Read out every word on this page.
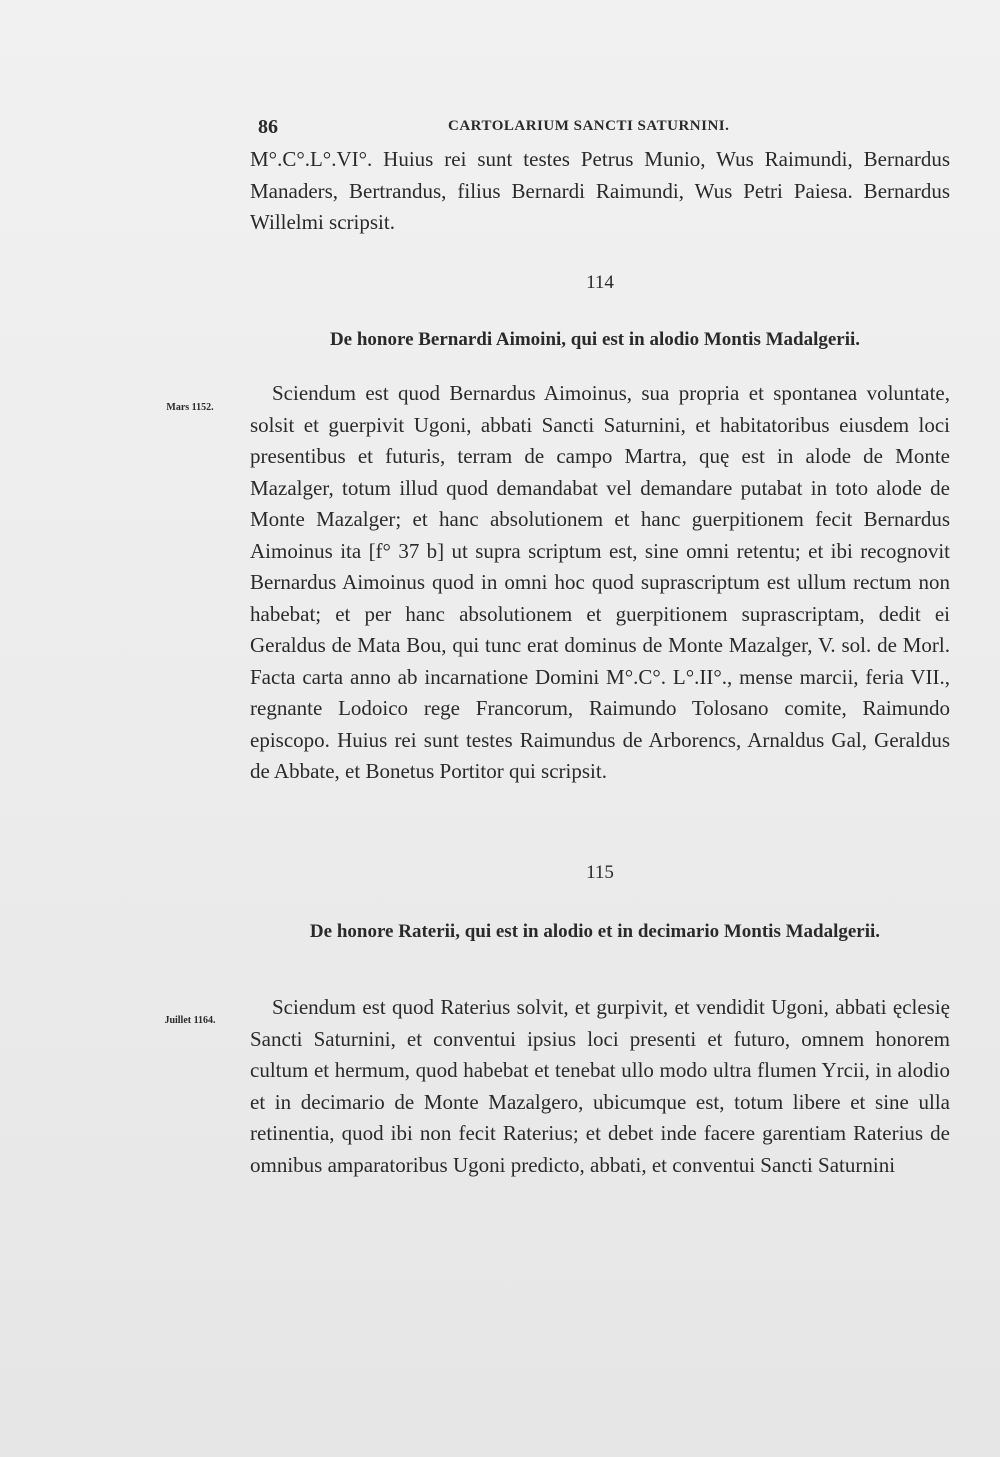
86	CARTOLARIUM SANCTI SATURNINI.

M°.C°.L°.VI°. Huius rei sunt testes Petrus Munio, Wus Raimundi, Bernardus Manaders, Bertrandus, filius Bernardi Raimundi, Wus Petri Paiesa. Bernardus Willelmi scripsit.

114
De honore Bernardi Aimoini, qui est in alodio Montis Madalgerii.
Mars 1152.

Sciendum est quod Bernardus Aimoinus, sua propria et spontanea voluntate, solsit et guerpivit Ugoni, abbati Sancti Saturnini, et habitatoribus eiusdem loci presentibus et futuris, terram de campo Martra, quę est in alode de Monte Mazalger, totum illud quod demandabat vel demandare putabat in toto alode de Monte Mazalger; et hanc absolutionem et hanc guerpitionem fecit Bernardus Aimoinus ita [f° 37 b] ut supra scriptum est, sine omni retentu; et ibi recognovit Bernardus Aimoinus quod in omni hoc quod suprascriptum est ullum rectum non habebat; et per hanc absolutionem et guerpitionem suprascriptam, dedit ei Geraldus de Mata Bou, qui tunc erat dominus de Monte Mazalger, V. sol. de Morl. Facta carta anno ab incarnatione Domini M°.C°. L°.II°., mense marcii, feria VII., regnante Lodoico rege Francorum, Raimundo Tolosano comite, Raimundo episcopo. Huius rei sunt testes Raimundus de Arborencs, Arnaldus Gal, Geraldus de Abbate, et Bonetus Portitor qui scripsit.

115
De honore Raterii, qui est in alodio et in decimario Montis Madalgerii.
Juillet 1164.

Sciendum est quod Raterius solvit, et gurpivit, et vendidit Ugoni, abbati ęclesię Sancti Saturnini, et conventui ipsius loci presenti et futuro, omnem honorem cultum et hermum, quod habebat et tenebat ullo modo ultra flumen Yrcii, in alodio et in decimario de Monte Mazalgero, ubicumque est, totum libere et sine ulla retinentia, quod ibi non fecit Raterius; et debet inde facere garentiam Raterius de omnibus amparatoribus Ugoni predicto, abbati, et conventui Sancti Saturnini
